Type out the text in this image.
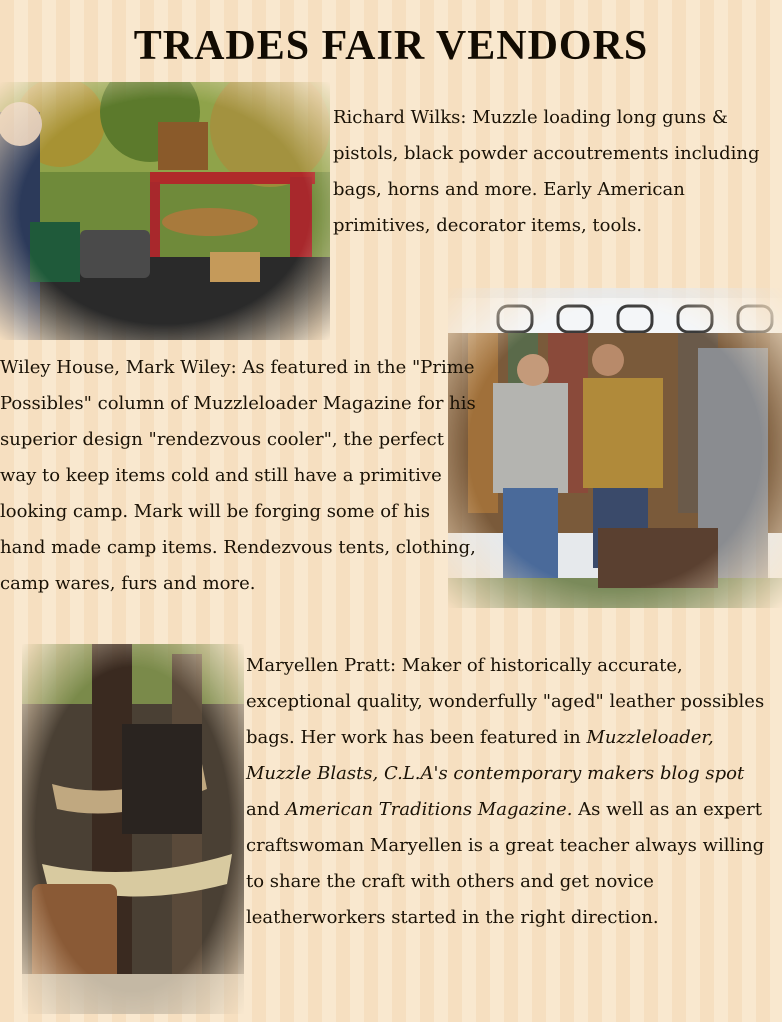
TRADES FAIR VENDORS

Richard Wilks: Muzzle loading long guns & pistols, black powder accoutrements including bags, horns and more. Early American primitives, decorator items, tools.

Wiley House, Mark Wiley: As featured in the "Prime Possibles" column of Muzzleloader Magazine for his superior design "rendezvous cooler", the perfect way to keep items cold and still have a primitive looking camp. Mark will be forging some of his hand made camp items. Rendezvous tents, clothing, camp wares, furs and more.

Maryellen Pratt: Maker of historically accurate, exceptional quality, wonderfully "aged" leather possibles bags. Her work has been featured in Muzzleloader, Muzzle Blasts, C.L.A's contemporary makers blog spot and American Traditions Magazine. As well as an expert craftswoman Maryellen is a great teacher always willing to share the craft with others and get novice leatherworkers started in the right direction.
